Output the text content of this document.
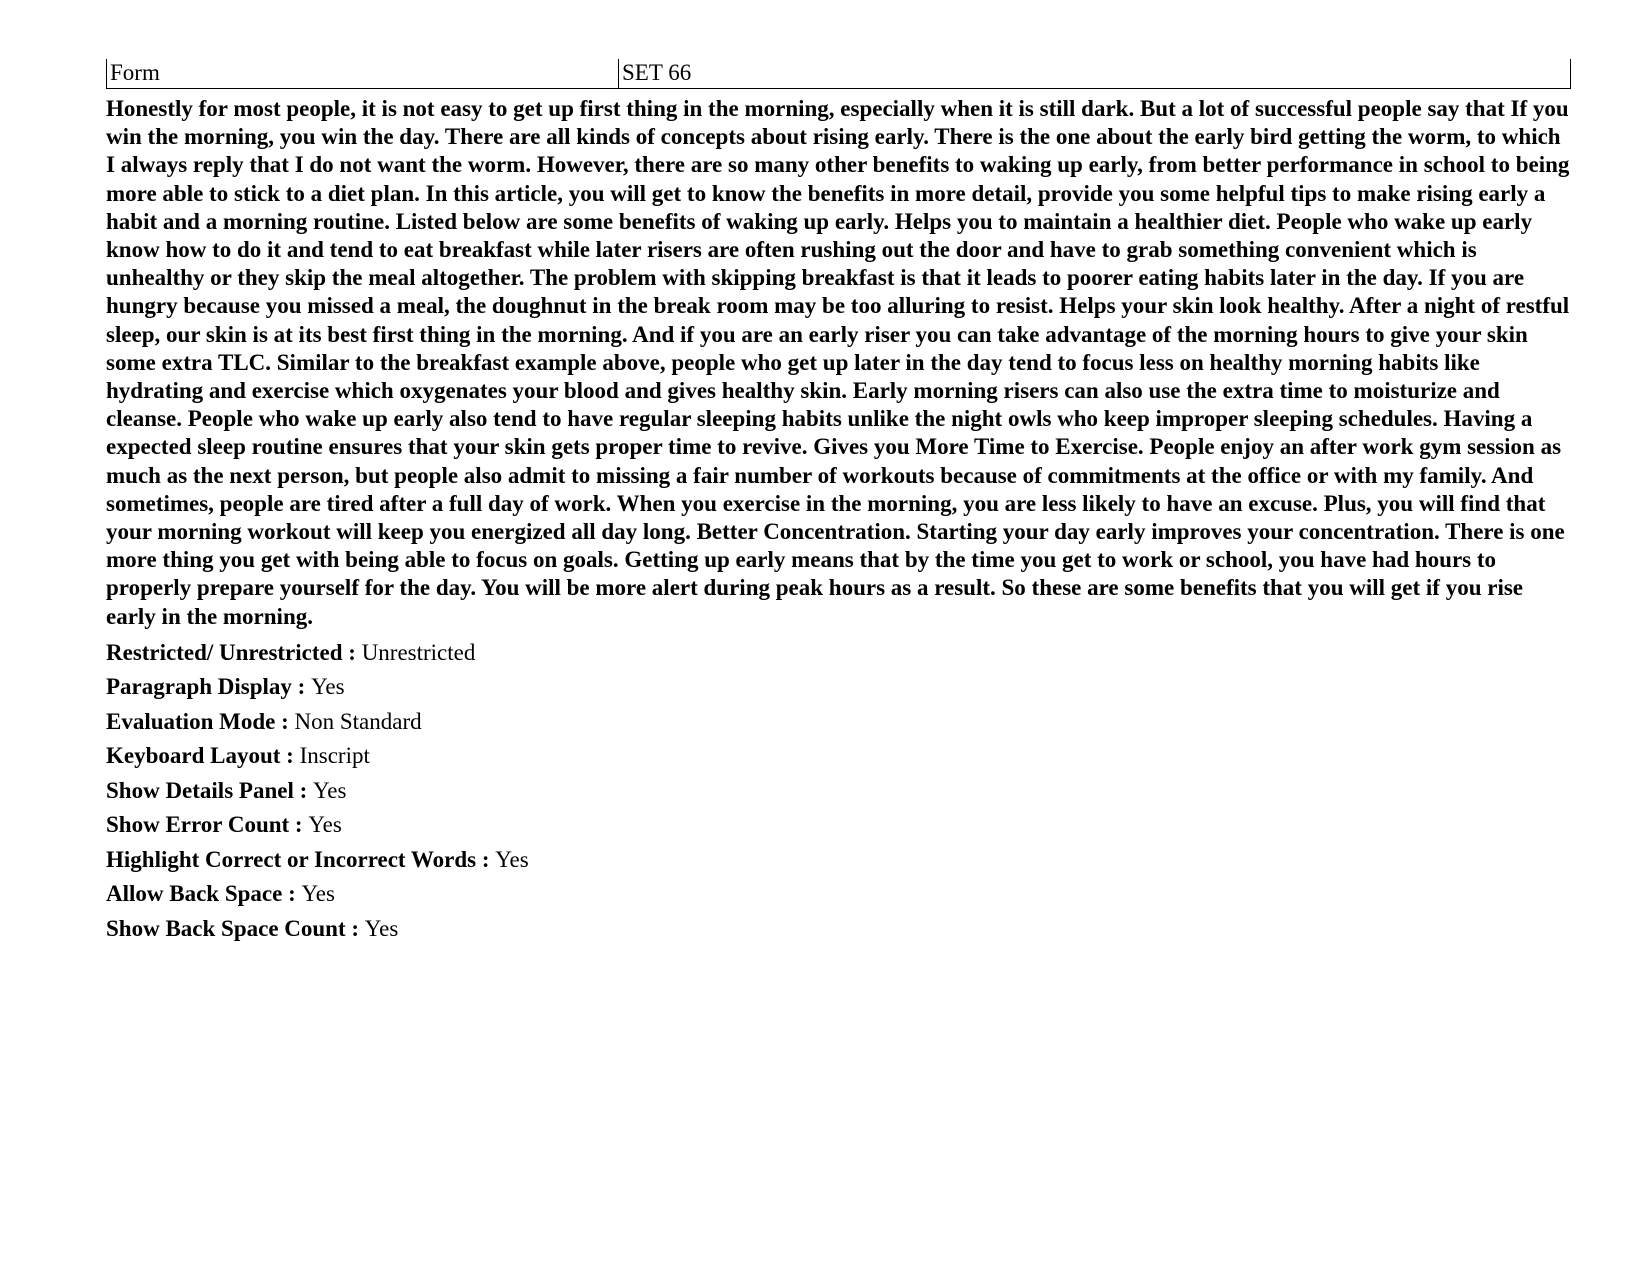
Form	SET 66
Honestly for most people, it is not easy to get up first thing in the morning, especially when it is still dark. But a lot of successful people say that If you win the morning, you win the day. There are all kinds of concepts about rising early. There is the one about the early bird getting the worm, to which I always reply that I do not want the worm. However, there are so many other benefits to waking up early, from better performance in school to being more able to stick to a diet plan. In this article, you will get to know the benefits in more detail, provide you some helpful tips to make rising early a habit and a morning routine. Listed below are some benefits of waking up early. Helps you to maintain a healthier diet. People who wake up early know how to do it and tend to eat breakfast while later risers are often rushing out the door and have to grab something convenient which is unhealthy or they skip the meal altogether. The problem with skipping breakfast is that it leads to poorer eating habits later in the day. If you are hungry because you missed a meal, the doughnut in the break room may be too alluring to resist. Helps your skin look healthy. After a night of restful sleep, our skin is at its best first thing in the morning. And if you are an early riser you can take advantage of the morning hours to give your skin some extra TLC. Similar to the breakfast example above, people who get up later in the day tend to focus less on healthy morning habits like hydrating and exercise which oxygenates your blood and gives healthy skin. Early morning risers can also use the extra time to moisturize and cleanse. People who wake up early also tend to have regular sleeping habits unlike the night owls who keep improper sleeping schedules. Having a expected sleep routine ensures that your skin gets proper time to revive. Gives you More Time to Exercise. People enjoy an after work gym session as much as the next person, but people also admit to missing a fair number of workouts because of commitments at the office or with my family. And sometimes, people are tired after a full day of work. When you exercise in the morning, you are less likely to have an excuse. Plus, you will find that your morning workout will keep you energized all day long. Better Concentration. Starting your day early improves your concentration. There is one more thing you get with being able to focus on goals. Getting up early means that by the time you get to work or school, you have had hours to properly prepare yourself for the day. You will be more alert during peak hours as a result. So these are some benefits that you will get if you rise early in the morning.
Restricted/ Unrestricted : Unrestricted
Paragraph Display : Yes
Evaluation Mode : Non Standard
Keyboard Layout : Inscript
Show Details Panel : Yes
Show Error Count : Yes
Highlight Correct or Incorrect Words : Yes
Allow Back Space : Yes
Show Back Space Count : Yes
